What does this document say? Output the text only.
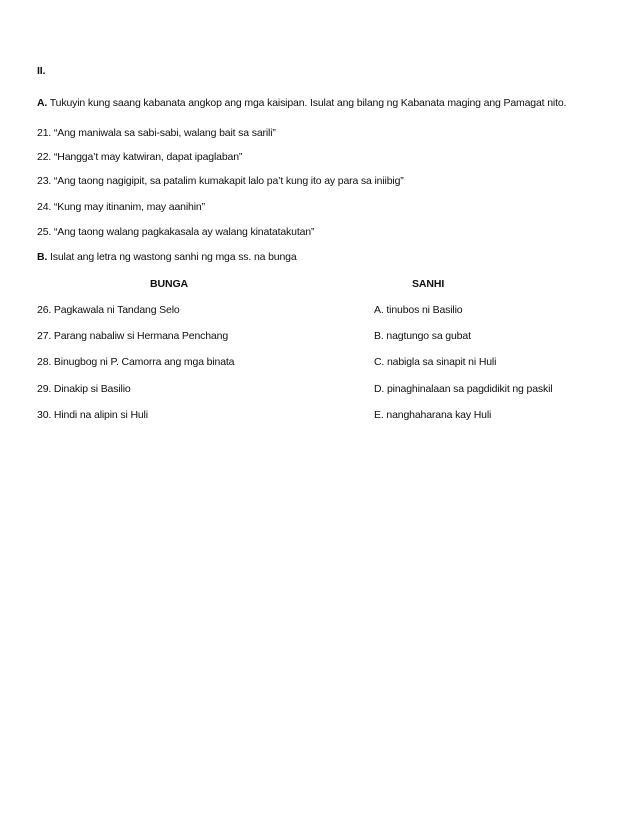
II.
A. Tukuyin kung saang kabanata angkop ang mga kaisipan. Isulat ang bilang ng Kabanata maging ang Pamagat nito.
21. “Ang maniwala sa sabi-sabi, walang bait sa sarili”
22. “Hangga’t may katwiran, dapat ipaglaban”
23. “Ang taong nagigipit, sa patalim kumakapit lalo pa’t kung ito ay para sa iniibig”
24. “Kung may itinanim, may aanihin”
25. “Ang taong walang pagkakasala ay walang kinatatakutan”
B. Isulat ang letra ng wastong sanhi ng mga ss. na bunga
BUNGA	SANHI
26. Pagkawala ni Tandang Selo
27. Parang nabaliw si Hermana Penchang
28. Binugbog ni P. Camorra ang mga binata
29. Dinakip si Basilio
30. Hindi na alipin si Huli
A. tinubos ni Basilio
B. nagtungo sa gubat
C. nabigla sa sinapit ni Huli
D. pinaghinalaan sa pagdidikit ng paskil
E. nanghaharana kay Huli
